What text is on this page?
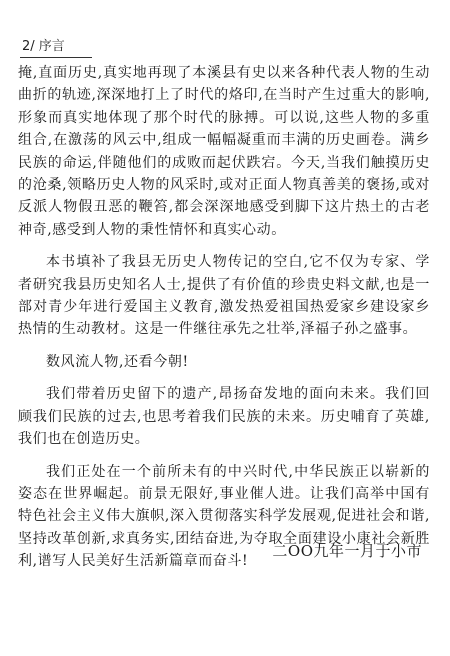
2/ 序言

掩,直面历史,真实地再现了本溪县有史以来各种代表人物的生动曲折的轨迹,深深地打上了时代的烙印,在当时产生过重大的影响,形象而真实地体现了那个时代的脉搏。可以说,这些人物的多重组合,在激荡的风云中,组成一幅幅凝重而丰满的历史画卷。满乡民族的命运,伴随他们的成败而起伏跌宕。今天,当我们触摸历史的沧桑,领略历史人物的风采时,或对正面人物真善美的褒扬,或对反派人物假丑恶的鞭笞,都会深深地感受到脚下这片热土的古老神奇,感受到人物的秉性情怀和真实心动。

本书填补了我县无历史人物传记的空白,它不仅为专家、学者研究我县历史知名人士,提供了有价值的珍贵史料文献,也是一部对青少年进行爱国主义教育,激发热爱祖国热爱家乡建设家乡热情的生动教材。这是一件继往承先之壮举,泽福子孙之盛事。

数风流人物,还看今朝!

我们带着历史留下的遗产,昂扬奋发地的面向未来。我们回顾我们民族的过去,也思考着我们民族的未来。历史哺育了英雄,我们也在创造历史。

我们正处在一个前所未有的中兴时代,中华民族正以崭新的姿态在世界崛起。前景无限好,事业催人进。让我们高举中国有特色社会主义伟大旗帜,深入贯彻落实科学发展观,促进社会和谐,坚持改革创新,求真务实,团结奋进,为夺取全面建设小康社会新胜利,谱写人民美好生活新篇章而奋斗!

二OO九年一月于小市
